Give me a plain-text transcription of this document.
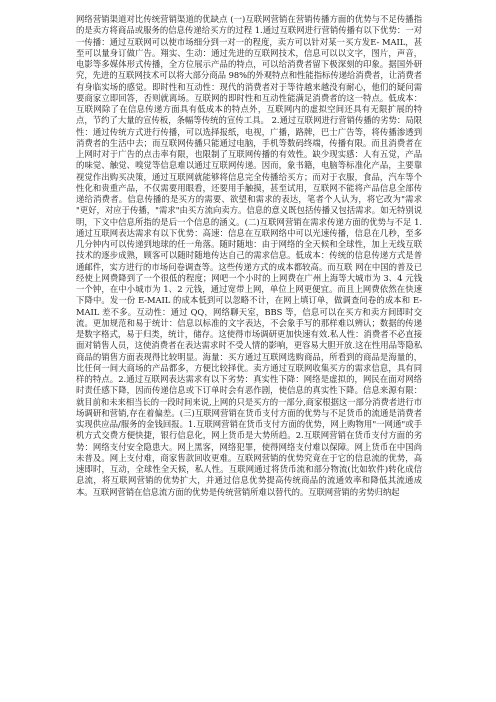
网络营销渠道对比传统营销渠道的优缺点 (一)互联网营销在营销传播方面的优势与不足传播指的是卖方将商品或服务的信息传递给买方的过程 1.通过互联网进行营销传播有以下优势：一对一传播：通过互联网可以使市场细分到一对一的程度，卖方可以针对某一买方发E- MAIL，甚至可以量身订做广告。翔实、生动：通过先进的互联网技术，信息可以以文字，图片，声音，电影等多媒体形式传播，全方位展示产品的特点，可以给消费者留下极深刻的印象。据国外研究，先进的互联网技术可以将大部分商品 98%的外观特点和性能指标传递给消费者，让消费者有身临实场的感觉。即时性和互动性：现代的消费者对于等待越来越没有耐心，他们的疑问需要商家立即回答，否则就离场。互联网的即时性和互动性能满足消费者的这一特点。低成本：互联网除了在信息传递方面具有低成本的特点外，互联网内的虚拟空间还具有无限扩展的特点，节约了大量的宣传板，条幅等传统的宣传工具。 2.通过互联网进行营销传播的劣势：局限性：通过传统方式进行传播，可以选择报纸，电视，广播，路牌，巴士广告等，将传播渗透到消费者的生活中去；而互联网传播只能通过电脑，手机等数码终端，传播有限。而且消费者在上网时对于广告的点击率有限，也限制了互联网传播的有效性。缺少现实感：人有五觉，产品的味觉、触觉、嗅觉等信息难以通过互联网传递。因而，象书籍，电脑等标准化产品，主要靠视觉作出购买决策，通过互联网就能够将信息完全传播给买方；而对于衣服，食品，汽车等个性化和贵重产品，不仅需要用眼看，还要用手触摸，甚至试用，互联网不能将产品信息全部传递给消费者。信息传播的是买方的需要、欲望和需求的表达，笔者个人认为，将它改为"需求 "更好，对应于传播，"需求"由买方流向卖方。信息的意义既包括传播又包括需求。如无特别说明，下文中信息所指的是后一个信息的涵义。(二)互联网营销在需求传递方面的优势与不足 1.通过互联网表达需求有以下优势：高速：信息在互联网络中可以光速传播，信息在几秒，至多几分钟内可以传递到地球的任一角落。随时随地：由于网络的全天候和全球性，加上无线互联技术的逐步成熟，顾客可以随时随地传达自己的需求信息。低成本：传统的信息传递方式是普通邮件，实方进行的市场问卷调查等。这些传递方式的成本都较高。而互联 网在中国的普及已经使上网费降到了一个很低的程度；网吧一个小时的上网费在广州上海等大城市为 3、4 元钱一个钟，在中小城市为 1、2 元钱，通过宽带上网，单位上网更便宜。而且上网费依然在快速下降中。发一份 E-MAIL 的成本低到可以忽略不计，在网上填订单，做调查问卷的成本和 E-MAIL 差不多。互动性：通过 QQ，网络聊天室，BBS 等，信息可以在买方和卖方间即时交流。更加规范和易于统计：信息以标准的文字表达，不会象手写的那样难以辨认；数据的传递是数字格式，易于归类，统计，储存。这使得市场调研更加快速有效.私人性：消费者不必直接面对销售人员，这使消费者在表达需求时不受人情的影响，更容易大胆开放.这在性用品等隐私商品的销售方面表现得比较明显。海量：买方通过互联网选购商品，所看到的商品是海量的，比任何一间大商场的产品都多，方便比较择优。卖方通过互联网收集买方的需求信息，具有同样的特点。2.通过互联网表达需求有以下劣势：真实性下降：网络是虚拟的，网民在面对网络时责任感下降，因而传递信息或下订单时会有恶作剧，使信息的真实性下降。信息来源有限：就目前和未来相当长的一段时间来说,上网的只是买方的一部分,商家根据这一部分消费者进行市场调研和营销,存在着偏差。(三)互联网营销在货币支付方面的优势与不足货币的流通是消费者实现供应品/服务的金钱回报。1.互联网营销在货币支付方面的优势，网上购物用"一网通"或手机方式交费方便快捷，银行信息化，网上货币是大势所趋。2.互联网营销在货币支付方面的劣势：网络支付安全隐患大。网上黑客，网络犯罪，使得网络支付难以保障。网上货币在中国尚未普及。网上支付难，商家售款回收更难。互联网营销的优势究竟在于它的信息流的优势，高速即时，互动，全球性全天候，私人性。互联网通过将货币流和部分物流(比如软件)转化成信息流，将互联网营销的优势扩大，并通过信息优势提高传统商品的流通效率和降低其流通成本。互联网营销在信息流方面的优势是传统营销所难以替代的。互联网营销的劣势归纳起
